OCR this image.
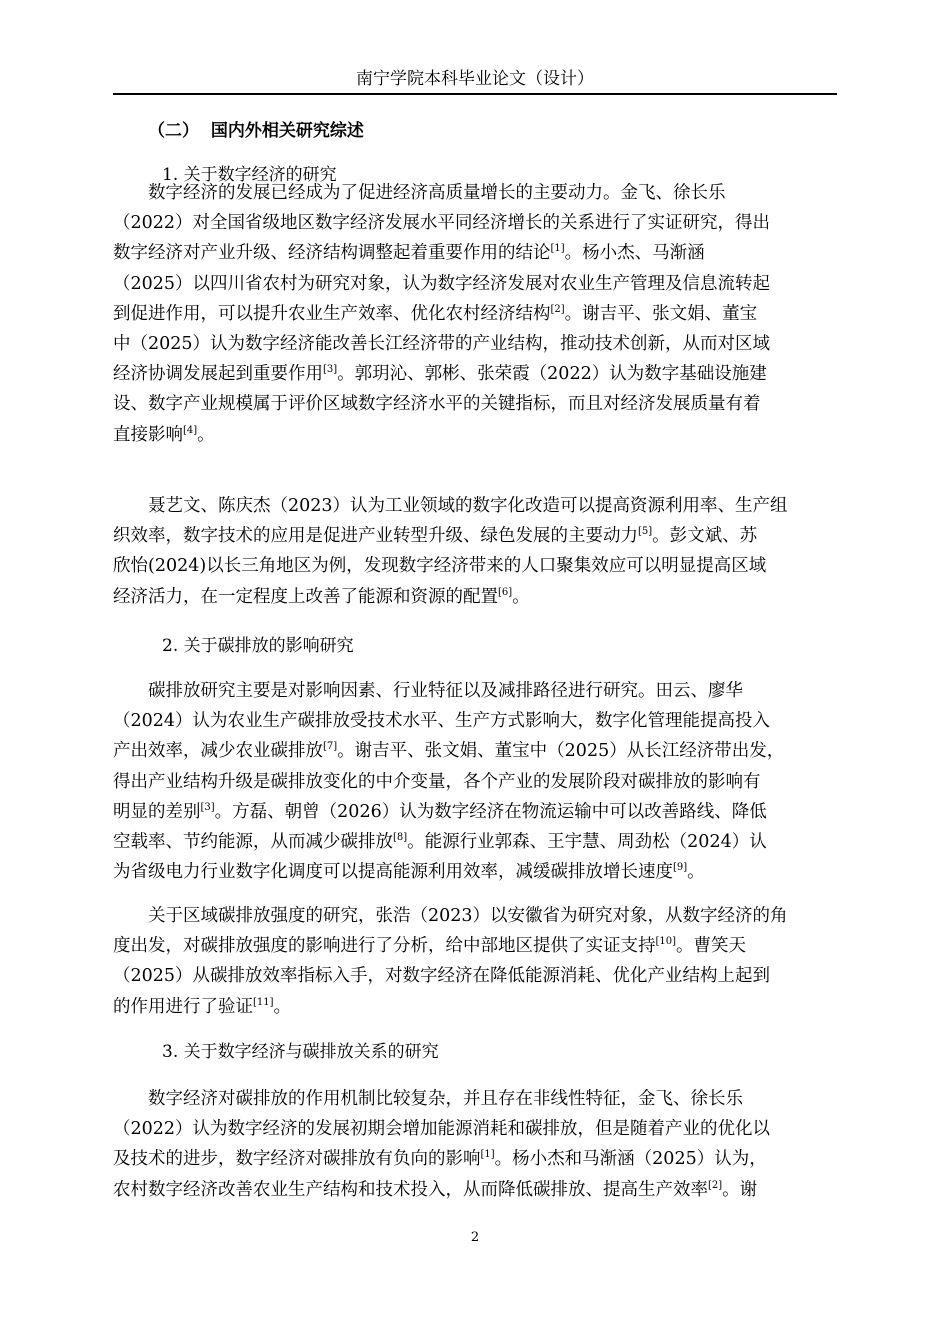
南宁学院本科毕业论文（设计）
（二）  国内外相关研究综述
1. 关于数字经济的研究
数字经济的发展已经成为了促进经济高质量增长的主要动力。金飞、徐长乐
（2022）对全国省级地区数字经济发展水平同经济增长的关系进行了实证研究，得出
数字经济对产业升级、经济结构调整起着重要作用的结论[1]。杨小杰、马渐涵
（2025）以四川省农村为研究对象，认为数字经济发展对农业生产管理及信息流转起
到促进作用，可以提升农业生产效率、优化农村经济结构[2]。谢吉平、张文娟、董宝
中（2025）认为数字经济能改善长江经济带的产业结构，推动技术创新，从而对区域
经济协调发展起到重要作用[3]。郭玥沁、郭彬、张荣霞（2022）认为数字基础设施建
设、数字产业规模属于评价区域数字经济水平的关键指标，而且对经济发展质量有着
直接影响[4]。
聂艺文、陈庆杰（2023）认为工业领域的数字化改造可以提高资源利用率、生产组
织效率，数字技术的应用是促进产业转型升级、绿色发展的主要动力[5]。彭文斌、苏
欣怡(2024)以长三角地区为例，发现数字经济带来的人口聚集效应可以明显提高区域
经济活力，在一定程度上改善了能源和资源的配置[6]。
2. 关于碳排放的影响研究
碳排放研究主要是对影响因素、行业特征以及减排路径进行研究。田云、廖华
（2024）认为农业生产碳排放受技术水平、生产方式影响大，数字化管理能提高投入
产出效率，减少农业碳排放[7]。谢吉平、张文娟、董宝中（2025）从长江经济带出发，
得出产业结构升级是碳排放变化的中介变量，各个产业的发展阶段对碳排放的影响有
明显的差别[3]。方磊、朝曾（2026）认为数字经济在物流运输中可以改善路线、降低
空载率、节约能源，从而减少碳排放[8]。能源行业郭森、王宇慧、周劲松（2024）认
为省级电力行业数字化调度可以提高能源利用效率，减缓碳排放增长速度[9]。
关于区域碳排放强度的研究，张浩（2023）以安徽省为研究对象，从数字经济的角
度出发，对碳排放强度的影响进行了分析，给中部地区提供了实证支持[10]。曹笑天
（2025）从碳排放效率指标入手，对数字经济在降低能源消耗、优化产业结构上起到
的作用进行了验证[11]。
3. 关于数字经济与碳排放关系的研究
数字经济对碳排放的作用机制比较复杂，并且存在非线性特征，金飞、徐长乐
（2022）认为数字经济的发展初期会增加能源消耗和碳排放，但是随着产业的优化以
及技术的进步，数字经济对碳排放有负向的影响[1]。杨小杰和马渐涵（2025）认为，
农村数字经济改善农业生产结构和技术投入，从而降低碳排放、提高生产效率[2]。谢
2
